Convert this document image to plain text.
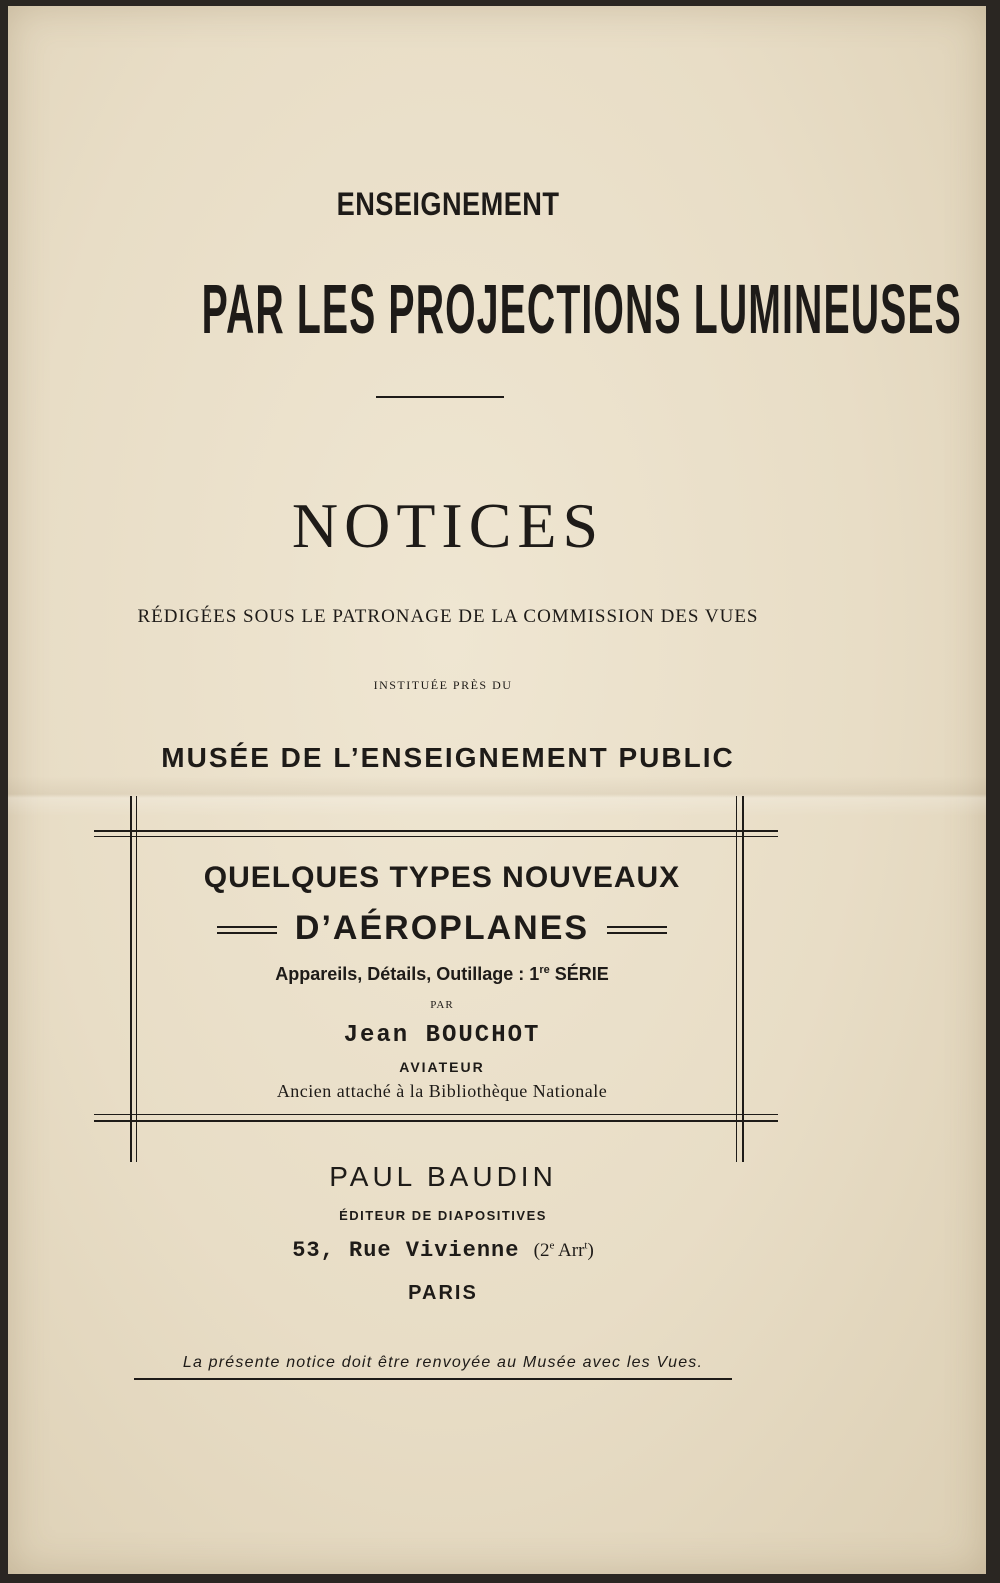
ENSEIGNEMENT

PAR LES PROJECTIONS LUMINEUSES

NOTICES

RÉDIGÉES SOUS LE PATRONAGE DE LA COMMISSION DES VUES

INSTITUÉE PRÈS DU

MUSÉE DE L’ENSEIGNEMENT PUBLIC

QUELQUES TYPES NOUVEAUX

D’AÉROPLANES

Appareils, Détails, Outillage : 1re SÉRIE

PAR

Jean BOUCHOT

AVIATEUR

Ancien attaché à la Bibliothèque Nationale

PAUL BAUDIN

ÉDITEUR DE DIAPOSITIVES

53, Rue Vivienne (2e Arr$^t$)

PARIS

La présente notice doit être renvoyée au Musée avec les Vues.
